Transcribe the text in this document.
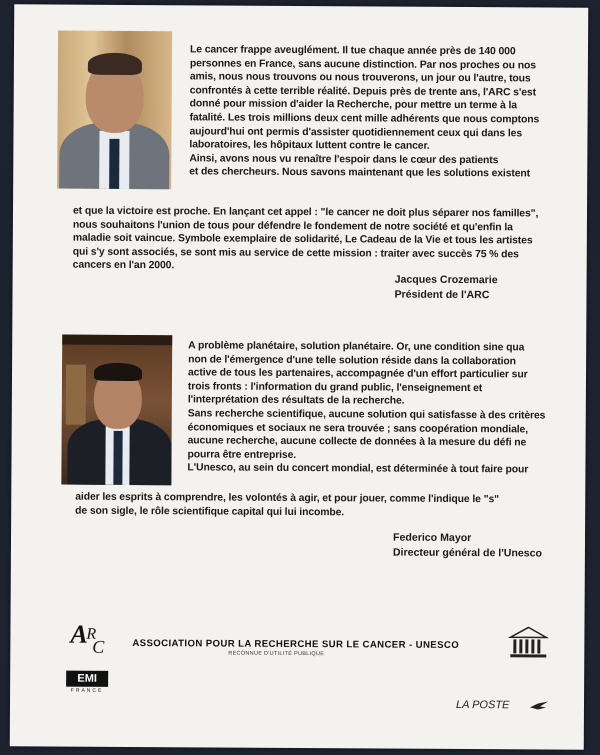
Le cancer frappe aveuglément. Il tue chaque année près de 140 000
personnes en France, sans aucune distinction. Par nos proches ou nos
amis, nous nous trouvons ou nous trouverons, un jour ou l'autre, tous
confrontés à cette terrible réalité. Depuis près de trente ans, l'ARC s'est
donné pour mission d'aider la Recherche, pour mettre un terme à la
fatalité. Les trois millions deux cent mille adhérents que nous comptons
aujourd'hui ont permis d'assister quotidiennement ceux qui dans les
laboratoires, les hôpitaux luttent contre le cancer.
Ainsi, avons nous vu renaître l'espoir dans le cœur des patients
et des chercheurs. Nous savons maintenant que les solutions existent
et que la victoire est proche. En lançant cet appel : "le cancer ne doit plus séparer nos familles",
nous souhaitons l'union de tous pour défendre le fondement de notre société et qu'enfin la
maladie soit vaincue. Symbole exemplaire de solidarité, Le Cadeau de la Vie et tous les artistes
qui s'y sont associés, se sont mis au service de cette mission : traiter avec succès 75 % des
cancers en l'an 2000.
Jacques Crozemarie
Président de l'ARC
A problème planétaire, solution planétaire. Or, une condition sine qua
non de l'émergence d'une telle solution réside dans la collaboration
active de tous les partenaires, accompagnée d'un effort particulier sur
trois fronts : l'information du grand public, l'enseignement et
l'interprétation des résultats de la recherche.
Sans recherche scientifique, aucune solution qui satisfasse à des critères
économiques et sociaux ne sera trouvée ; sans coopération mondiale,
aucune recherche, aucune collecte de données à la mesure du défi ne
pourra être entreprise.
L'Unesco, au sein du concert mondial, est déterminée à tout faire pour
aider les esprits à comprendre, les volontés à agir, et pour jouer, comme l'indique le "s"
de son sigle, le rôle scientifique capital qui lui incombe.
Federico Mayor
Directeur général de l'Unesco
A
R
C
EMI
FRANCE
ASSOCIATION POUR LA RECHERCHE SUR LE CANCER - UNESCO
RECONNUE D'UTILITÉ PUBLIQUE
LA POSTE
